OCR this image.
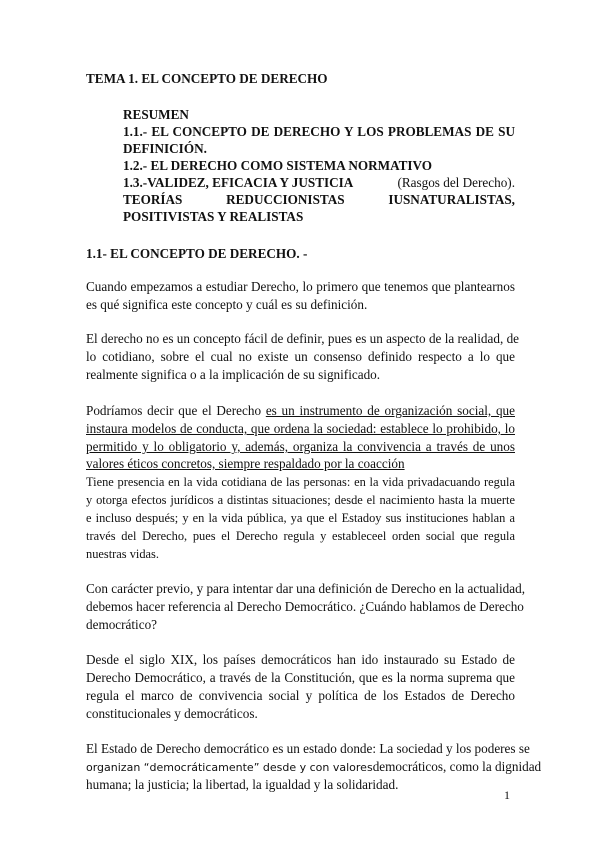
TEMA 1. EL CONCEPTO DE DERECHO
RESUMEN
1.1.- EL CONCEPTO DE DERECHO Y LOS PROBLEMAS DE SU
DEFINICIÓN.
1.2.- EL DERECHO COMO SISTEMA NORMATIVO
1.3.-VALIDEZ, EFICACIA Y JUSTICIA	(Rasgos del Derecho).
TEORÍAS	REDUCCIONISTAS	IUSNATURALISTAS,
POSITIVISTAS Y REALISTAS
1.1- EL CONCEPTO DE DERECHO. -
Cuando empezamos a estudiar Derecho, lo primero que tenemos que plantearnos
es qué significa este concepto y cuál es su definición.
El derecho no es un concepto fácil de definir, pues es un aspecto de la realidad, de
lo cotidiano, sobre el cual no existe un consenso definido respecto a lo que
realmente significa o a la implicación de su significado.
Podríamos decir que el Derecho es un instrumento de organización social, que
instaura modelos de conducta, que ordena la sociedad: establece lo prohibido, lo
permitido y lo obligatorio y, además, organiza la convivencia a través de unos
valores éticos concretos, siempre respaldado por la coacción
Tiene presencia en la vida cotidiana de las personas: en la vida privadacuando regula
y otorga efectos jurídicos a distintas situaciones; desde el nacimiento hasta la muerte
e incluso después; y en la vida pública, ya que el Estadoy sus instituciones hablan a
través del Derecho, pues el Derecho regula y estableceel orden social que regula
nuestras vidas.
Con carácter previo, y para intentar dar una definición de Derecho en la actualidad,
debemos hacer referencia al Derecho Democrático. ¿Cuándo hablamos de Derecho
democrático?
Desde el siglo XIX, los países democráticos han ido instaurado su Estado de
Derecho Democrático, a través de la Constitución, que es la norma suprema que
regula el marco de convivencia social y política de los Estados de Derecho
constitucionales y democráticos.
El Estado de Derecho democrático es un estado donde: La sociedad y los poderes se
organizan “democráticamente” desde y con valoresdemocráticos, como la dignidad
humana; la justicia; la libertad, la igualdad y la solidaridad.
1
